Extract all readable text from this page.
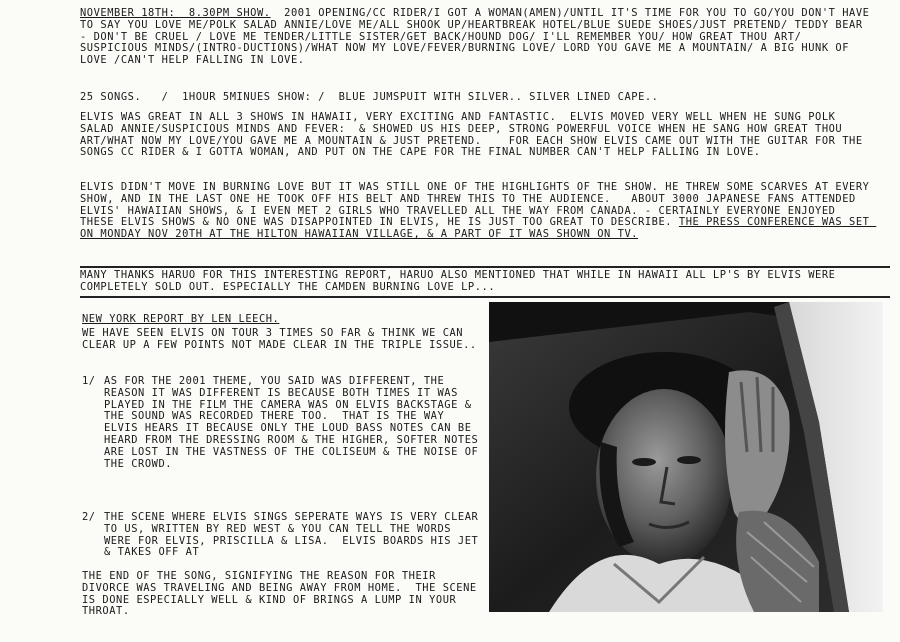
NOVEMBER 18TH:  8.30PM SHOW.  2001 OPENING/CC RIDER/I GOT A WOMAN(AMEN)/UNTIL IT'S TIME FOR YOU TO GO/YOU DON'T HAVE TO SAY YOU LOVE ME/POLK SALAD ANNIE/LOVE ME/ALL SHOOK UP/HEARTBREAK HOTEL/BLUE SUEDE SHOES/JUST PRETEND/ TEDDY BEAR - DON'T BE CRUEL / LOVE ME TENDER/LITTLE SISTER/GET BACK/HOUND DOG/ I'LL REMEMBER YOU/ HOW GREAT THOU ART/ SUSPICIOUS MINDS/(INTRO-DUCTIONS)/WHAT NOW MY LOVE/FEVER/BURNING LOVE/ LORD YOU GAVE ME A MOUNTAIN/ A BIG HUNK OF LOVE /CAN'T HELP FALLING IN LOVE.

25 SONGS.   /  1HOUR 5MINUES SHOW: /  BLUE JUMSPUIT WITH SILVER.. SILVER LINED CAPE..

ELVIS WAS GREAT IN ALL 3 SHOWS IN HAWAII, VERY EXCITING AND FANTASTIC.  ELVIS MOVED VERY WELL WHEN HE SUNG POLK SALAD ANNIE/SUSPICIOUS MINDS AND FEVER:  & SHOWED US HIS DEEP, STRONG POWERFUL VOICE WHEN HE SANG HOW GREAT THOU ART/WHAT NOW MY LOVE/YOU GAVE ME A MOUNTAIN & JUST PRETEND.    FOR EACH SHOW ELVIS CAME OUT WITH THE GUITAR FOR THE SONGS CC RIDER & I GOTTA WOMAN, AND PUT ON THE CAPE FOR THE FINAL NUMBER CAN'T HELP FALLING IN LOVE.

ELVIS DIDN'T MOVE IN BURNING LOVE BUT IT WAS STILL ONE OF THE HIGHLIGHTS OF THE SHOW. HE THREW SOME SCARVES AT EVERY SHOW, AND IN THE LAST ONE HE TOOK OFF HIS BELT AND THREW THIS TO THE AUDIENCE.   ABOUT 3000 JAPANESE FANS ATTENDED ELVIS' HAWAIIAN SHOWS, & I EVEN MET 2 GIRLS WHO TRAVELLED ALL THE WAY FROM CANADA. - CERTAINLY EVERYONE ENJOYED THESE ELVIS SHOWS & NO ONE WAS DISAPPOINTED IN ELVIS, HE IS JUST TOO GREAT TO DESCRIBE. THE PRESS CONFERENCE WAS SET ON MONDAY NOV 20TH AT THE HILTON HAWAIIAN VILLAGE, & A PART OF IT WAS SHOWN ON TV.

MANY THANKS HARUO FOR THIS INTERESTING REPORT, HARUO ALSO MENTIONED THAT WHILE IN HAWAII ALL LP'S BY ELVIS WERE COMPLETELY SOLD OUT. ESPECIALLY THE CAMDEN BURNING LOVE LP...

NEW YORK REPORT BY LEN LEECH.

WE HAVE SEEN ELVIS ON TOUR 3 TIMES SO FAR & THINK WE CAN CLEAR UP A FEW POINTS NOT MADE CLEAR IN THE TRIPLE ISSUE..

1/ AS FOR THE 2001 THEME, YOU SAID WAS DIFFERENT, THE REASON IT WAS DIFFERENT IS BECAUSE BOTH TIMES IT WAS PLAYED IN THE FILM THE CAMERA WAS ON ELVIS BACKSTAGE & THE SOUND WAS RECORDED THERE TOO.  THAT IS THE WAY ELVIS HEARS IT BECAUSE ONLY THE LOUD BASS NOTES CAN BE HEARD FROM THE DRESSING ROOM & THE HIGHER, SOFTER NOTES ARE LOST IN THE VASTNESS OF THE COLISEUM & THE NOISE OF THE CROWD.

2/ THE SCENE WHERE ELVIS SINGS SEPERATE WAYS IS VERY CLEAR TO US, WRITTEN BY RED WEST & YOU CAN TELL THE WORDS WERE FOR ELVIS, PRISCILLA & LISA.  ELVIS BOARDS HIS JET & TAKES OFF AT

THE END OF THE SONG, SIGNIFYING THE REASON FOR THEIR DIVORCE WAS TRAVELING AND BEING AWAY FROM HOME.  THE SCENE IS DONE ESPECIALLY WELL & KIND OF BRINGS A LUMP IN YOUR THROAT.
